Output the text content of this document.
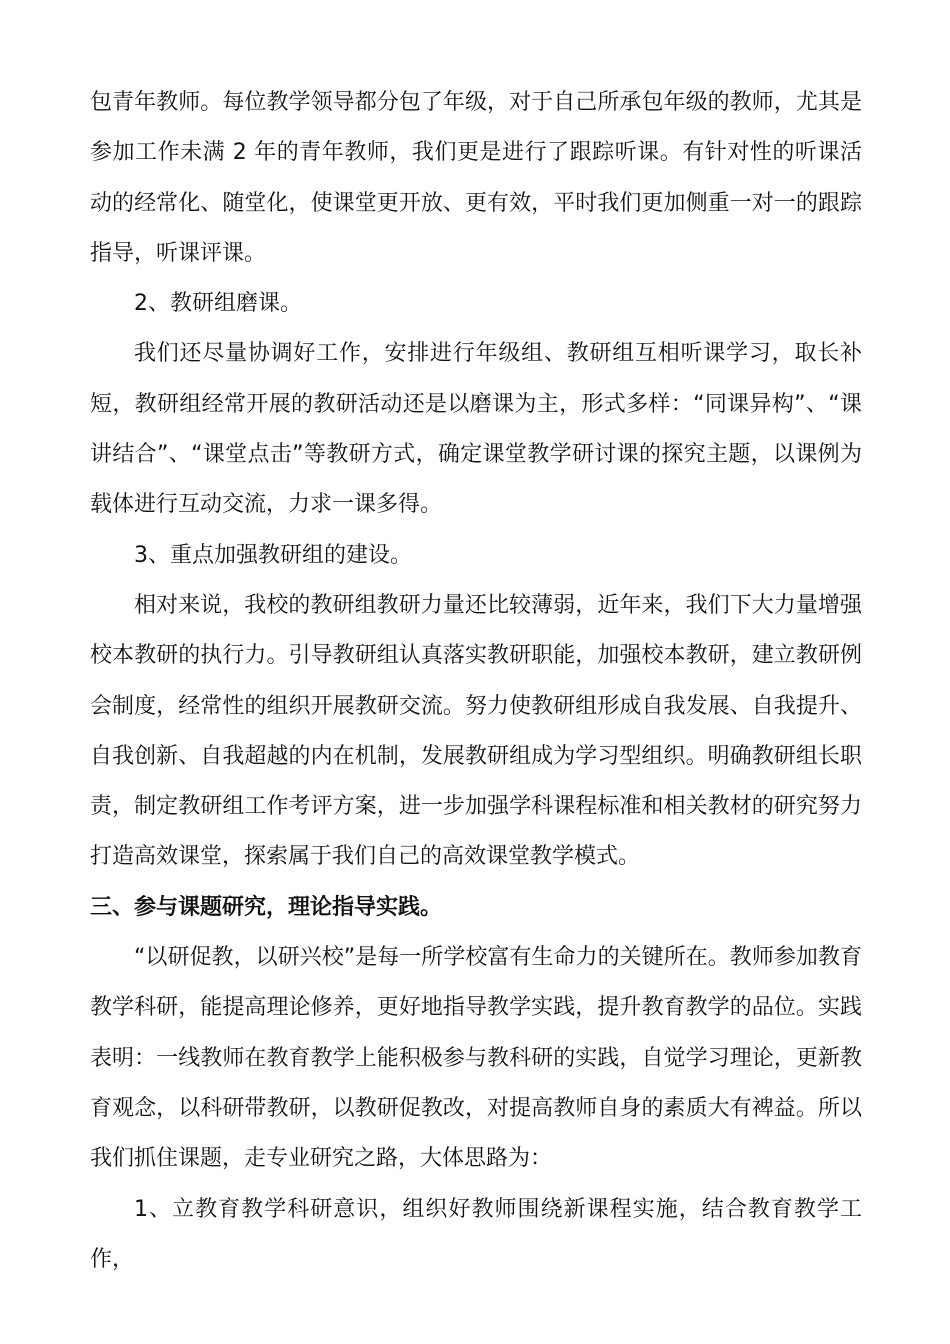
包青年教师。每位教学领导都分包了年级，对于自己所承包年级的教师，尤其是参加工作未满 2 年的青年教师，我们更是进行了跟踪听课。有针对性的听课活动的经常化、随堂化，使课堂更开放、更有效，平时我们更加侧重一对一的跟踪指导，听课评课。

2、教研组磨课。

我们还尽量协调好工作，安排进行年级组、教研组互相听课学习，取长补短，教研组经常开展的教研活动还是以磨课为主，形式多样：“同课异构”、“课讲结合”、“课堂点击”等教研方式，确定课堂教学研讨课的探究主题，以课例为载体进行互动交流，力求一课多得。

3、重点加强教研组的建设。

相对来说，我校的教研组教研力量还比较薄弱，近年来，我们下大力量增强校本教研的执行力。引导教研组认真落实教研职能，加强校本教研，建立教研例会制度，经常性的组织开展教研交流。努力使教研组形成自我发展、自我提升、自我创新、自我超越的内在机制，发展教研组成为学习型组织。明确教研组长职责，制定教研组工作考评方案，进一步加强学科课程标准和相关教材的研究努力打造高效课堂，探索属于我们自己的高效课堂教学模式。

三、参与课题研究，理论指导实践。

“以研促教，以研兴校”是每一所学校富有生命力的关键所在。教师参加教育教学科研，能提高理论修养，更好地指导教学实践，提升教育教学的品位。实践表明：一线教师在教育教学上能积极参与教科研的实践，自觉学习理论，更新教育观念，以科研带教研，以教研促教改，对提高教师自身的素质大有裨益。所以我们抓住课题，走专业研究之路，大体思路为：

1、立教育教学科研意识，组织好教师围绕新课程实施，结合教育教学工作，
